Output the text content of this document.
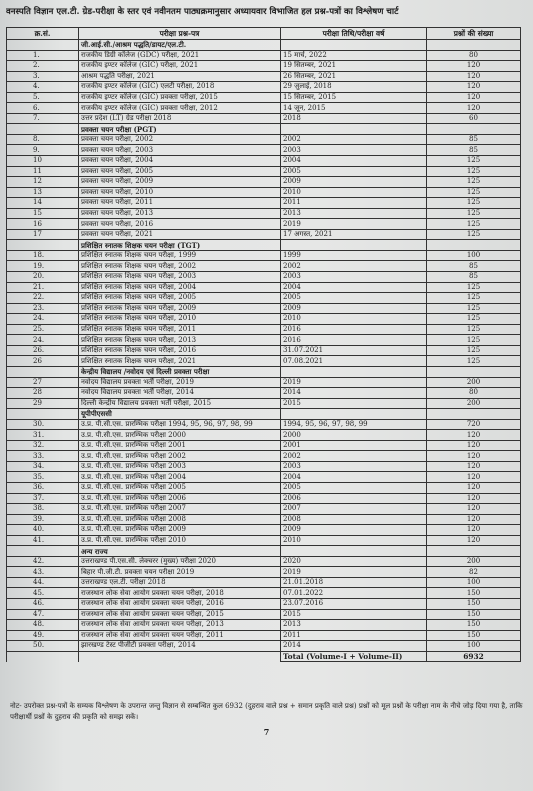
वनस्पति विज्ञान एल.टी. ग्रेड-परीक्षा के स्तर एवं नवीनतम पाठ्यक्रमानुसार अध्यायवार विभाजित हल प्रश्न-पत्रों का विश्लेषण चार्ट
क्र.सं.	परीक्षा प्रश्न-पत्र	परीक्षा तिथि/परीक्षा वर्ष	प्रश्नों की संख्या
	जी.आई.सी./आश्रम पद्धति/डायट/एल.टी.		
1.	राजकीय डिग्री कॉलेज (GDC) परीक्षा, 2021	15 मार्च, 2022	80
2.	राजकीय इण्टर कॉलेज (GIC) परीक्षा, 2021	19 सितम्बर, 2021	120
3.	आश्रम पद्धति परीक्षा, 2021	26 सितम्बर, 2021	120
4.	राजकीय इण्टर कॉलेज (GIC) एलटी परीक्षा, 2018	29 जुलाई, 2018	120
5.	राजकीय इण्टर कॉलेज (GIC) प्रवक्ता परीक्षा, 2015	15 सितम्बर, 2015	120
6.	राजकीय इण्टर कॉलेज (GIC) प्रवक्ता परीक्षा, 2012	14 जून, 2015	120
7.	उत्तर प्रदेश (LT) ग्रेड परीक्षा 2018	2018	60
	प्रवक्ता चयन परीक्षा (PGT)		
8.	प्रवक्ता चयन परीक्षा, 2002	2002	85
9.	प्रवक्ता चयन परीक्षा, 2003	2003	85
10	प्रवक्ता चयन परीक्षा, 2004	2004	125
11	प्रवक्ता चयन परीक्षा, 2005	2005	125
12	प्रवक्ता चयन परीक्षा, 2009	2009	125
13	प्रवक्ता चयन परीक्षा, 2010	2010	125
14	प्रवक्ता चयन परीक्षा, 2011	2011	125
15	प्रवक्ता चयन परीक्षा, 2013	2013	125
16	प्रवक्ता चयन परीक्षा, 2016	2019	125
17	प्रवक्ता चयन परीक्षा, 2021	17 अगस्त, 2021	125
	प्रशिक्षित स्नातक शिक्षक चयन परीक्षा (TGT)		
18.	प्रशिक्षित स्नातक शिक्षक चयन परीक्षा, 1999	1999	100
19.	प्रशिक्षित स्नातक शिक्षक चयन परीक्षा, 2002	2002	85
20.	प्रशिक्षित स्नातक शिक्षक चयन परीक्षा, 2003	2003	85
21.	प्रशिक्षित स्नातक शिक्षक चयन परीक्षा, 2004	2004	125
22.	प्रशिक्षित स्नातक शिक्षक चयन परीक्षा, 2005	2005	125
23.	प्रशिक्षित स्नातक शिक्षक चयन परीक्षा, 2009	2009	125
24.	प्रशिक्षित स्नातक शिक्षक चयन परीक्षा, 2010	2010	125
25.	प्रशिक्षित स्नातक शिक्षक चयन परीक्षा, 2011	2016	125
24.	प्रशिक्षित स्नातक शिक्षक चयन परीक्षा, 2013	2016	125
26.	प्रशिक्षित स्नातक शिक्षक चयन परीक्षा, 2016	31.07.2021	125
26	प्रशिक्षित स्नातक शिक्षक चयन परीक्षा, 2021	07.08.2021	125
	केन्द्रीय विद्यालय /नवोदय एवं दिल्ली प्रवक्ता परीक्षा		
27	नवोदय विद्यालय प्रवक्ता भर्ती परीक्षा, 2019	2019	200
28	नवोदय विद्यालय प्रवक्ता भर्ती परीक्षा, 2014	2014	80
29	दिल्ली केन्द्रीय विद्यालय प्रवक्ता भर्ती परीक्षा, 2015	2015	200
	यूपीपीएससी		
30.	उ.प्र. पी.सी.एस. प्रारम्भिक परीक्षा 1994, 95, 96, 97, 98, 99	1994, 95, 96, 97, 98, 99	720
31.	उ.प्र. पी.सी.एस. प्रारम्भिक परीक्षा 2000	2000	120
32.	उ.प्र. पी.सी.एस. प्रारम्भिक परीक्षा 2001	2001	120
33.	उ.प्र. पी.सी.एस. प्रारम्भिक परीक्षा 2002	2002	120
34.	उ.प्र. पी.सी.एस. प्रारम्भिक परीक्षा 2003	2003	120
35.	उ.प्र. पी.सी.एस. प्रारम्भिक परीक्षा 2004	2004	120
36.	उ.प्र. पी.सी.एस. प्रारम्भिक परीक्षा 2005	2005	120
37.	उ.प्र. पी.सी.एस. प्रारम्भिक परीक्षा 2006	2006	120
38.	उ.प्र. पी.सी.एस. प्रारम्भिक परीक्षा 2007	2007	120
39.	उ.प्र. पी.सी.एस. प्रारम्भिक परीक्षा 2008	2008	120
40.	उ.प्र. पी.सी.एस. प्रारम्भिक परीक्षा 2009	2009	120
41.	उ.प्र. पी.सी.एस. प्रारम्भिक परीक्षा 2010	2010	120
	अन्य राज्य		
42.	उत्तराखण्ड पी.एस.सी. लेक्चरर (मुख्य) परीक्षा 2020	2020	200
43.	बिहार पी.जी.टी. प्रवक्ता चयन परीक्षा 2019	2019	82
44.	उत्तराखण्ड एल.टी. परीक्षा 2018	21.01.2018	100
45.	राजस्थान लोक सेवा आयोग प्रवक्ता चयन परीक्षा, 2018	07.01.2022	150
46.	राजस्थान लोक सेवा आयोग प्रवक्ता चयन परीक्षा, 2016	23.07.2016	150
47.	राजस्थान लोक सेवा आयोग प्रवक्ता चयन परीक्षा, 2015	2015	150
48.	राजस्थान लोक सेवा आयोग प्रवक्ता चयन परीक्षा, 2013	2013	150
49.	राजस्थान लोक सेवा आयोग प्रवक्ता चयन परीक्षा, 2011	2011	150
50.	झारखण्ड टेस्ट पीजीटी प्रवक्ता परीक्षा, 2014	2014	100
		Total (Volume-I + Volume-II)	6932
नोट- उपरोक्त प्रश्न-पत्रों के सम्यक विश्लेषण के उपरान्त जन्तु विज्ञान से सम्बन्धित कुल 6932 (दुहराव वाले प्रश्न + समान प्रकृति वाले प्रश्न) प्रश्नों को मूल प्रश्नों के परीक्षा नाम के नीचे जोड़ दिया गया है, ताकि परीक्षार्थी प्रश्नों के दुहराव की प्रकृति को समझ सकें।
7
